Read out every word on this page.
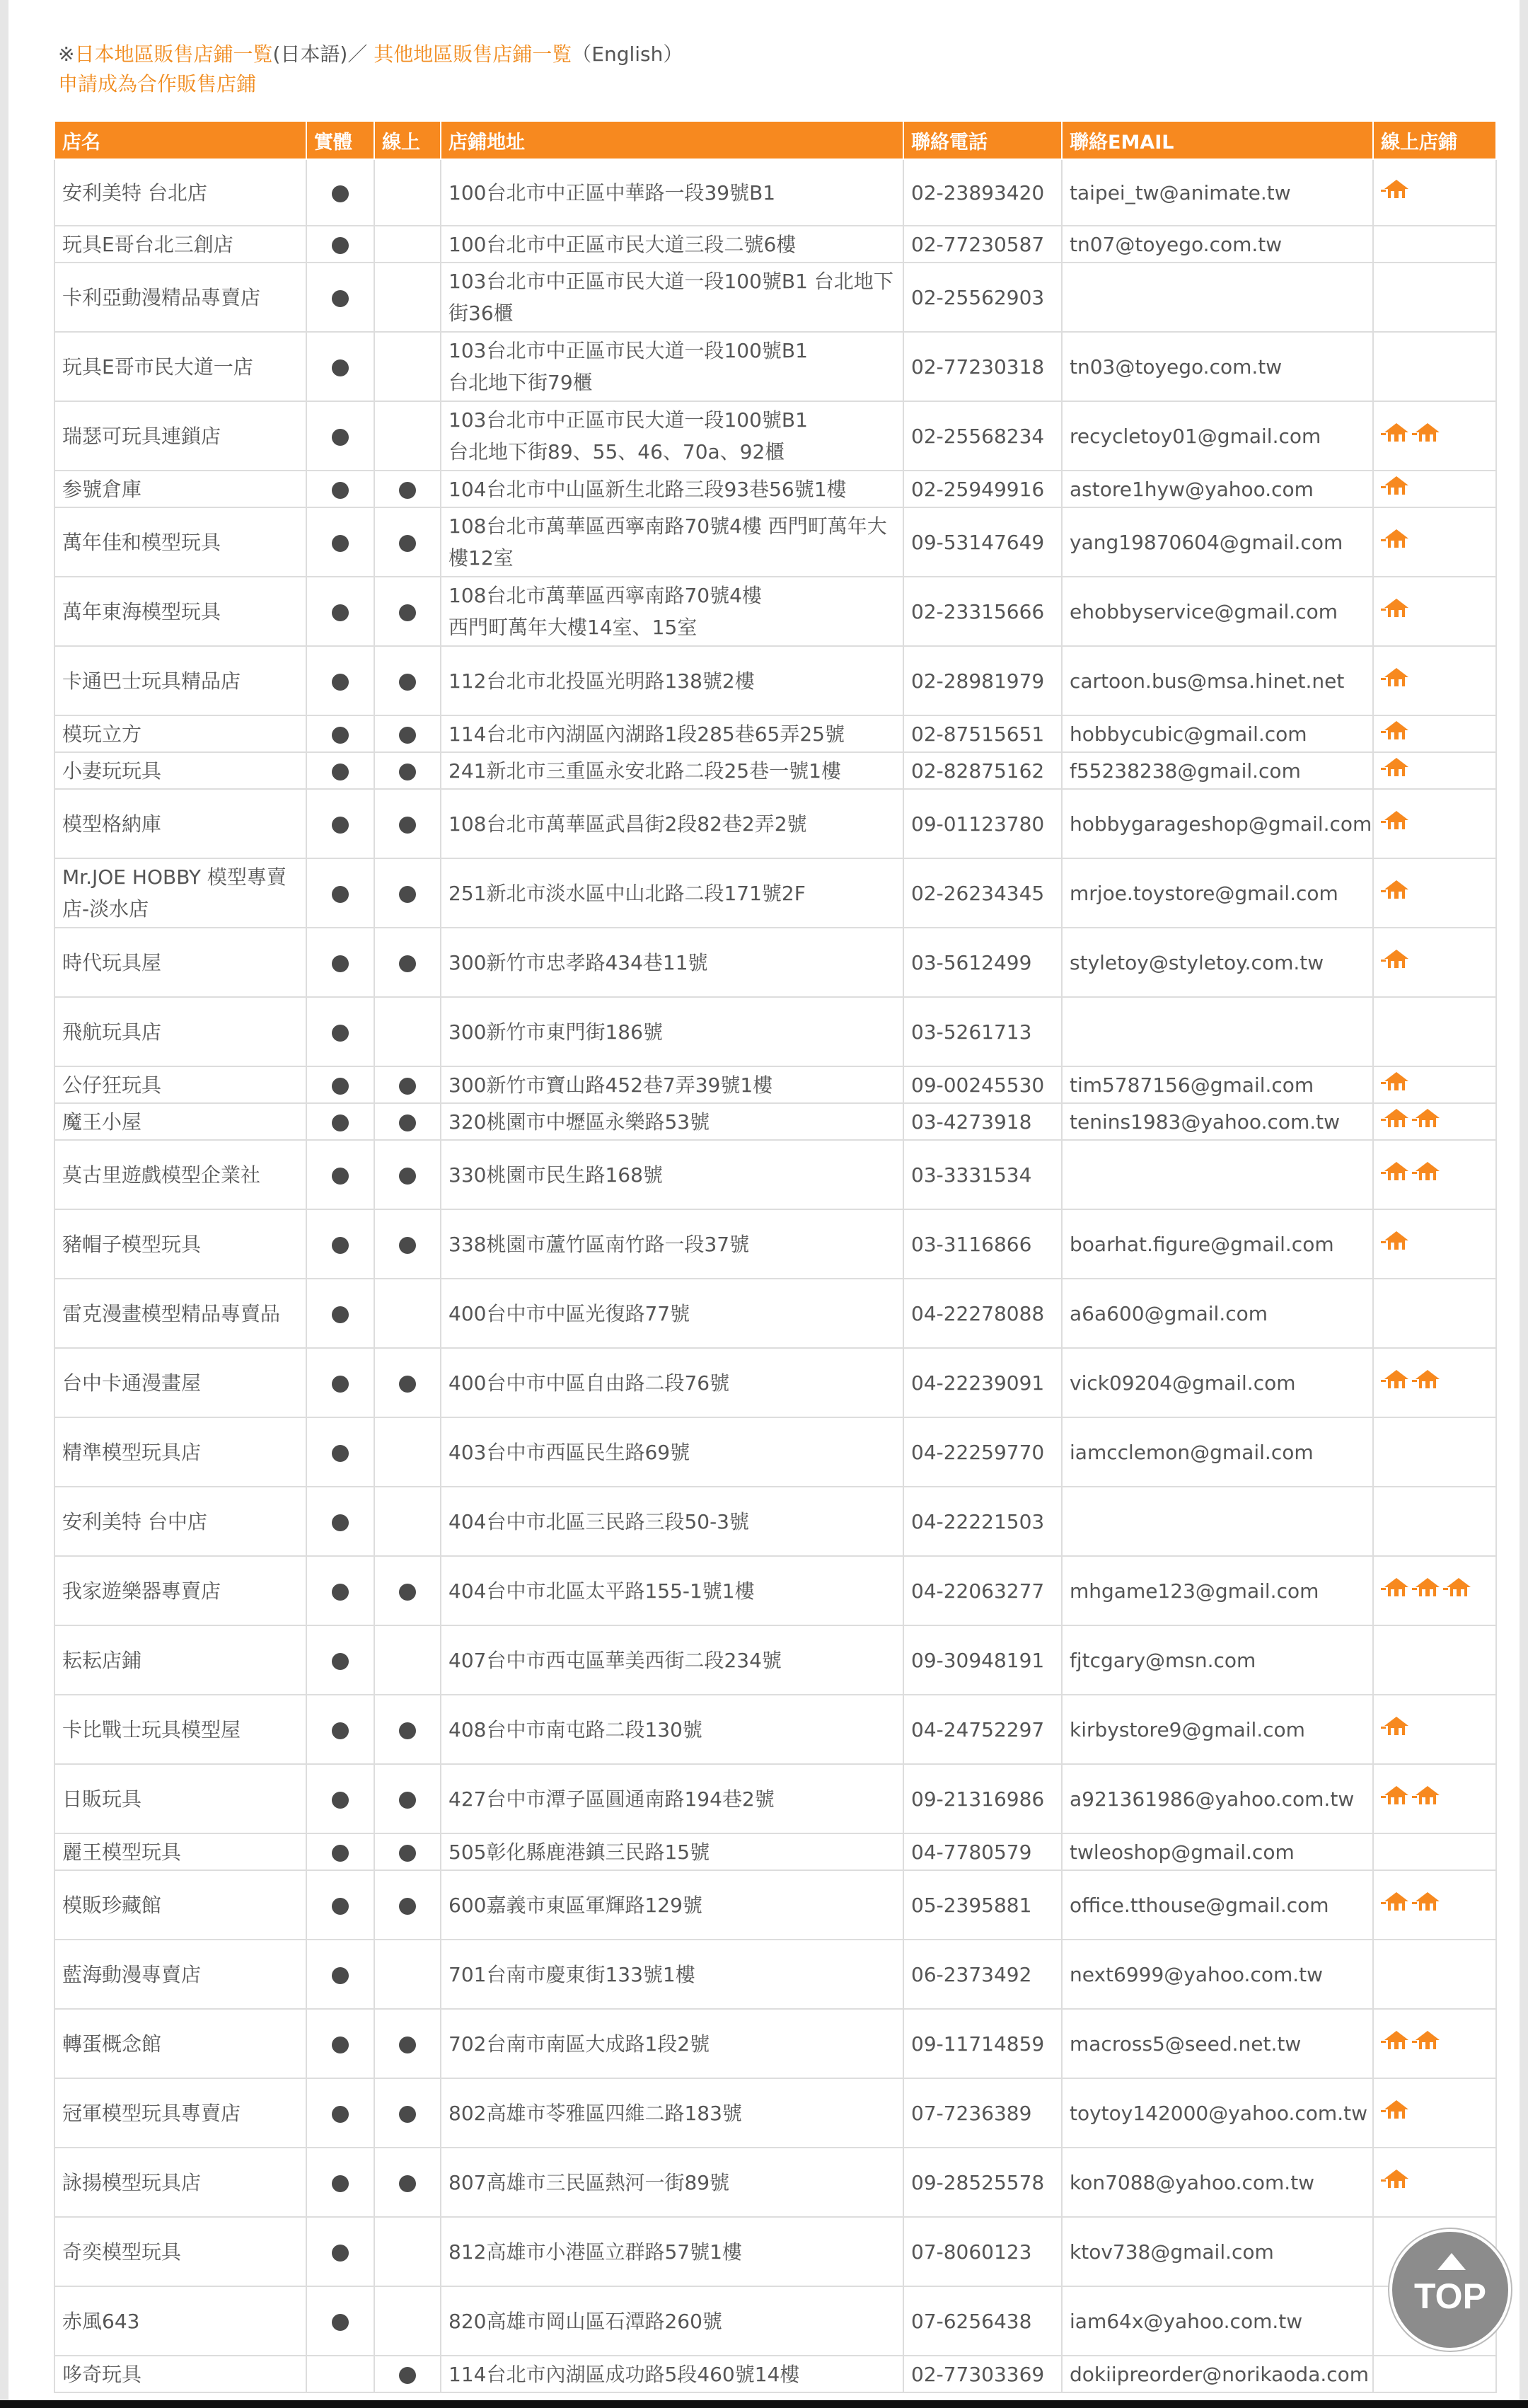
※日本地區販售店鋪一覧(日本語)／ 其他地區販售店鋪一覧（English）
申請成為合作販售店鋪
店名	實體	線上	店鋪地址	聯絡電話	聯絡EMAIL	線上店鋪
安利美特 台北店			100台北市中正區中華路一段39號B1	02-23893420	taipei_tw@animate.tw	
玩具E哥台北三創店			100台北市中正區市民大道三段二號6樓	02-77230587	tn07@toyego.com.tw	
卡利亞動漫精品專賣店			103台北市中正區市民大道一段100號B1 台北地下
街36櫃	02-25562903		
玩具E哥市民大道一店			103台北市中正區市民大道一段100號B1
台北地下街79櫃	02-77230318	tn03@toyego.com.tw	
瑞瑟可玩具連鎖店			103台北市中正區市民大道一段100號B1
台北地下街89、55、46、70a、92櫃	02-25568234	recycletoy01@gmail.com	
参號倉庫			104台北市中山區新生北路三段93巷56號1樓	02-25949916	astore1hyw@yahoo.com	
萬年佳和模型玩具			108台北市萬華區西寧南路70號4樓 西門町萬年大
樓12室	09-53147649	yang19870604@gmail.com	
萬年東海模型玩具			108台北市萬華區西寧南路70號4樓
西門町萬年大樓14室、15室	02-23315666	ehobbyservice@gmail.com	
卡通巴士玩具精品店			112台北市北投區光明路138號2樓	02-28981979	cartoon.bus@msa.hinet.net	
模玩立方			114台北市內湖區內湖路1段285巷65弄25號	02-87515651	hobbycubic@gmail.com	
小妻玩玩具			241新北市三重區永安北路二段25巷一號1樓	02-82875162	f55238238@gmail.com	
模型格納庫			108台北市萬華區武昌街2段82巷2弄2號	09-01123780	hobbygarageshop@gmail.com	
Mr.JOE HOBBY 模型專賣
店-淡水店			251新北市淡水區中山北路二段171號2F	02-26234345	mrjoe.toystore@gmail.com	
時代玩具屋			300新竹市忠孝路434巷11號	03-5612499	styletoy@styletoy.com.tw	
飛航玩具店			300新竹市東門街186號	03-5261713		
公仔狂玩具			300新竹市寶山路452巷7弄39號1樓	09-00245530	tim5787156@gmail.com	
魔王小屋			320桃園市中壢區永樂路53號	03-4273918	tenins1983@yahoo.com.tw	
莫古里遊戲模型企業社			330桃園市民生路168號	03-3331534		
豬帽子模型玩具			338桃園市蘆竹區南竹路一段37號	03-3116866	boarhat.figure@gmail.com	
雷克漫畫模型精品專賣品			400台中市中區光復路77號	04-22278088	a6a600@gmail.com	
台中卡通漫畫屋			400台中市中區自由路二段76號	04-22239091	vick09204@gmail.com	
精準模型玩具店			403台中市西區民生路69號	04-22259770	iamcclemon@gmail.com	
安利美特 台中店			404台中市北區三民路三段50-3號	04-22221503		
我家遊樂器專賣店			404台中市北區太平路155-1號1樓	04-22063277	mhgame123@gmail.com	
耘耘店鋪			407台中市西屯區華美西街二段234號	09-30948191	fjtcgary@msn.com	
卡比戰士玩具模型屋			408台中市南屯路二段130號	04-24752297	kirbystore9@gmail.com	
日販玩具			427台中市潭子區圓通南路194巷2號	09-21316986	a921361986@yahoo.com.tw	
麗王模型玩具			505彰化縣鹿港鎮三民路15號	04-7780579	twleoshop@gmail.com	
模販珍藏館			600嘉義市東區軍輝路129號	05-2395881	office.tthouse@gmail.com	
藍海動漫專賣店			701台南市慶東街133號1樓	06-2373492	next6999@yahoo.com.tw	
轉蛋概念館			702台南市南區大成路1段2號	09-11714859	macross5@seed.net.tw	
冠軍模型玩具專賣店			802高雄市苓雅區四維二路183號	07-7236389	toytoy142000@yahoo.com.tw	
詠揚模型玩具店			807高雄市三民區熱河一街89號	09-28525578	kon7088@yahoo.com.tw	
奇奕模型玩具			812高雄市小港區立群路57號1樓	07-8060123	ktov738@gmail.com	
赤風643			820高雄市岡山區石潭路260號	07-6256438	iam64x@yahoo.com.tw	
哆奇玩具			114台北市內湖區成功路5段460號14樓	02-77303369	dokiipreorder@norikaoda.com	
TOP
